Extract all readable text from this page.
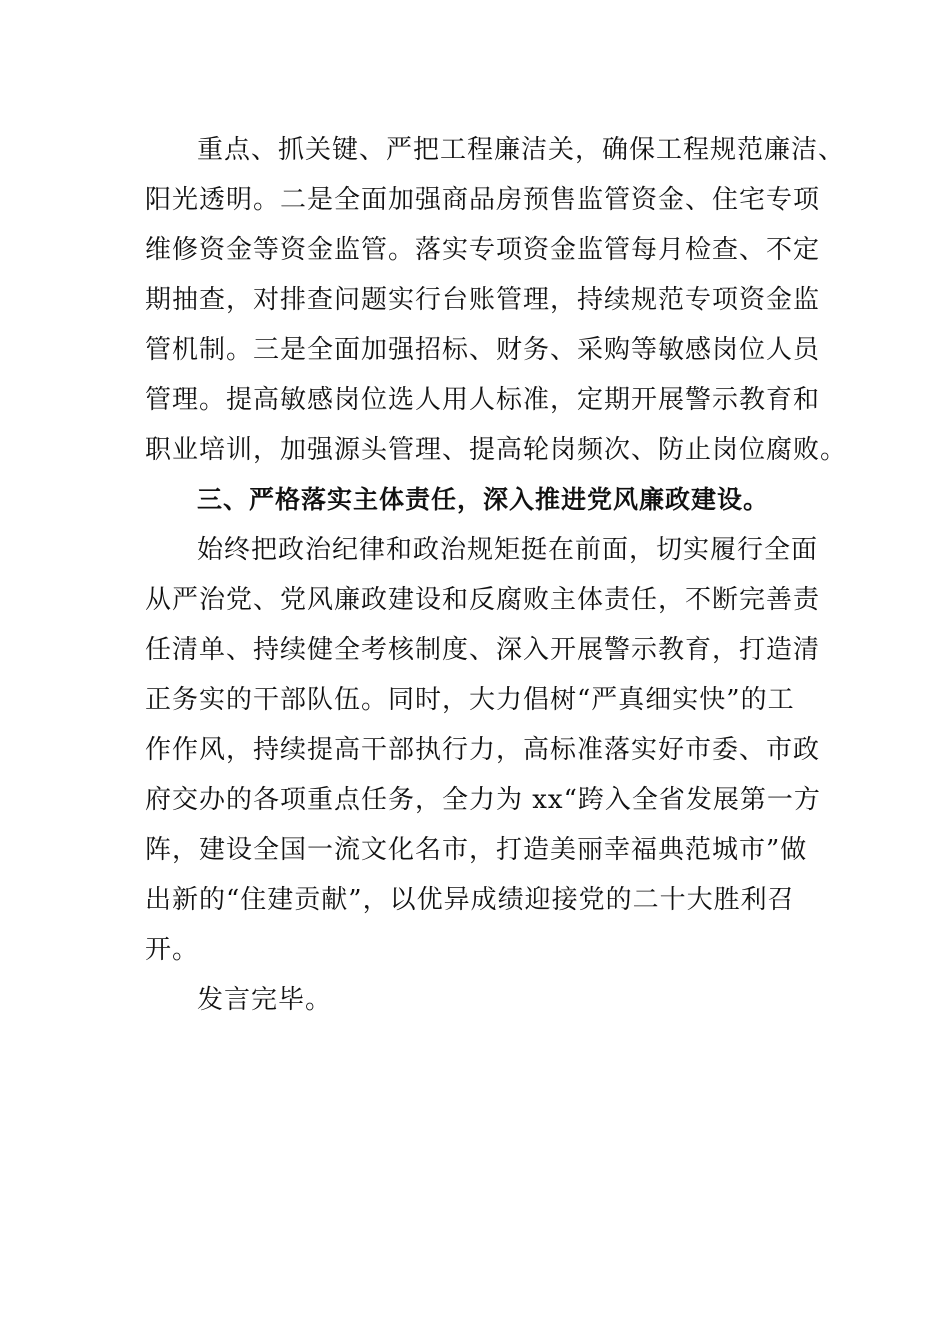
重点、抓关键、严把工程廉洁关，确保工程规范廉洁、
阳光透明。二是全面加强商品房预售监管资金、住宅专项
维修资金等资金监管。落实专项资金监管每月检查、不定
期抽查，对排查问题实行台账管理，持续规范专项资金监
管机制。三是全面加强招标、财务、采购等敏感岗位人员
管理。提高敏感岗位选人用人标准，定期开展警示教育和
职业培训，加强源头管理、提高轮岗频次、防止岗位腐败。

三、严格落实主体责任，深入推进党风廉政建设。

始终把政治纪律和政治规矩挺在前面，切实履行全面
从严治党、党风廉政建设和反腐败主体责任，不断完善责
任清单、持续健全考核制度、深入开展警示教育，打造清
正务实的干部队伍。同时，大力倡树“严真细实快”的工
作作风，持续提高干部执行力，高标准落实好市委、市政
府交办的各项重点任务，全力为 xx“跨入全省发展第一方
阵，建设全国一流文化名市，打造美丽幸福典范城市”做
出新的“住建贡献”，以优异成绩迎接党的二十大胜利召
开。

发言完毕。
